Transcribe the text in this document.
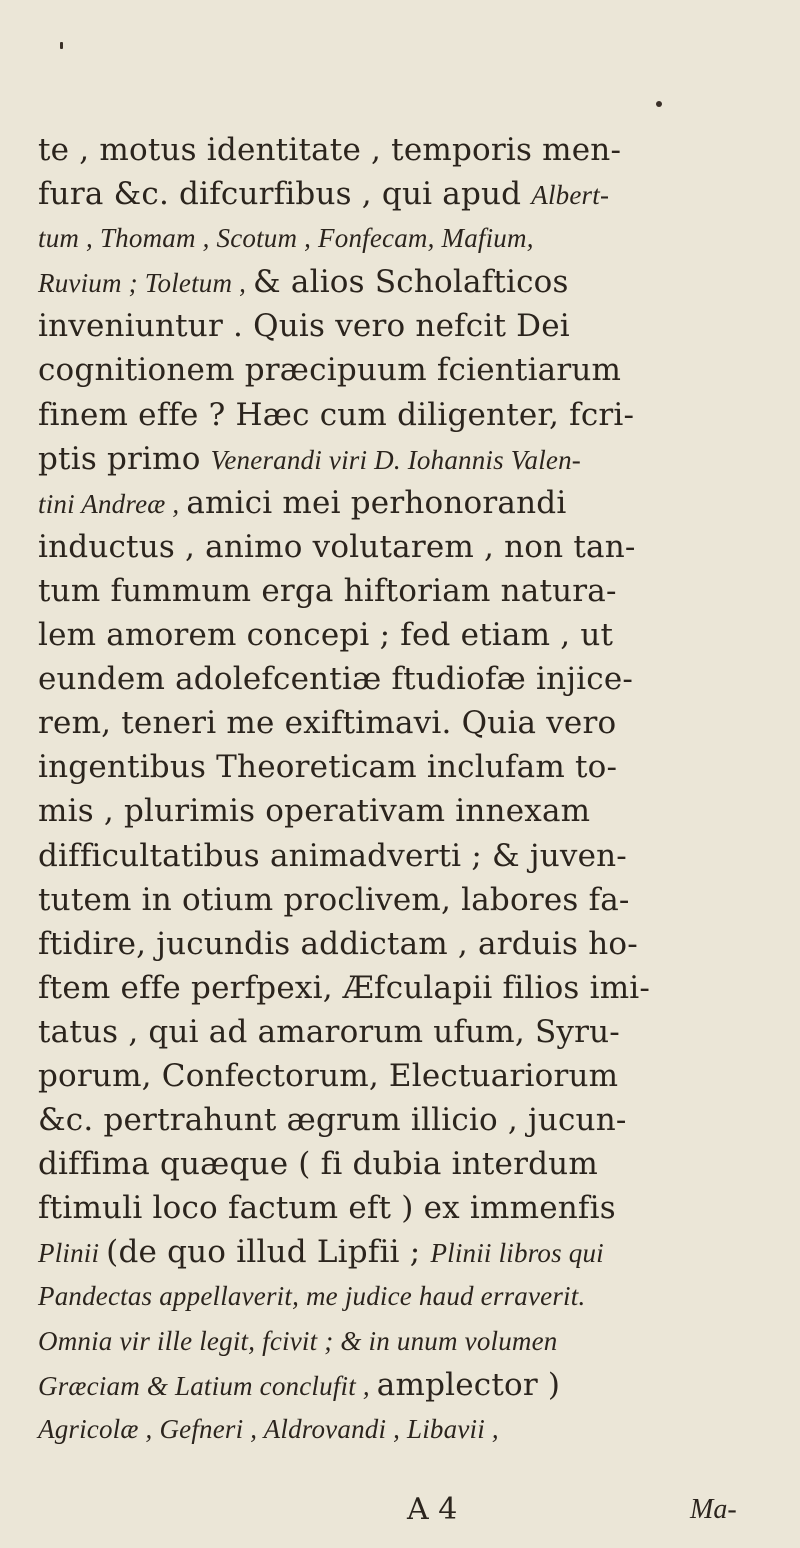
te , motus identitate , temporis men-
fura &c. difcurfibus , qui apud Albert-
tum , Thomam , Scotum , Fonfecam, Mafium,
Ruvium ; Toletum , & alios Scholafticos
inveniuntur . Quis vero nefcit Dei
cognitionem præcipuum fcientiarum
finem effe ? Hæc cum diligenter, fcri-
ptis primo Venerandi viri D. Iohannis Valen-
tini Andreæ , amici mei perhonorandi
inductus , animo volutarem , non tan-
tum fummum erga hiftoriam natura-
lem amorem concepi ; fed etiam , ut
eundem adolefcentiæ ftudiofæ injice-
rem, teneri me exiftimavi. Quia vero
ingentibus Theoreticam inclufam to-
mis , plurimis operativam innexam
difficultatibus animadverti ; & juven-
tutem in otium proclivem, labores fa-
ftidire, jucundis addictam , arduis ho-
ftem effe perfpexi, Æfculapii filios imi-
tatus , qui ad amarorum ufum, Syru-
porum, Confectorum, Electuariorum
&c. pertrahunt ægrum illicio , jucun-
diffima quæque ( fi dubia interdum
ftimuli loco factum eft ) ex immenfis
Plinii (de quo illud Lipfii ; Plinii libros qui
Pandectas appellaverit, me judice haud erraverit.
Omnia vir ille legit, fcivit ; & in unum volumen
Græciam & Latium conclufit , amplector )
Agricolæ , Gefneri , Aldrovandi , Libavii ,
A 4	Ma-
